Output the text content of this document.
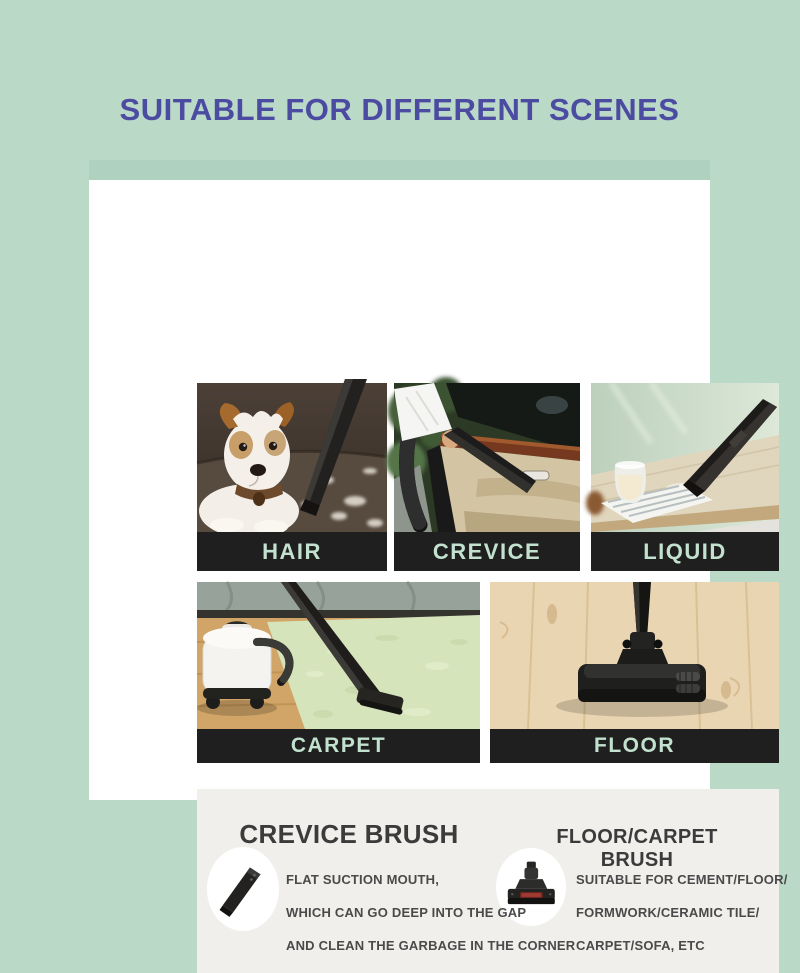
SUITABLE FOR DIFFERENT SCENES
HAIR	CREVICE	LIQUID
CARPET	FLOOR
CREVICE BRUSH	FLOOR/CARPET BRUSH

FLAT SUCTION MOUTH,

WHICH CAN GO DEEP INTO THE GAP

AND CLEAN THE GARBAGE IN THE CORNER

SUITABLE FOR CEMENT/FLOOR/

FORMWORK/CERAMIC TILE/

CARPET/SOFA, ETC
